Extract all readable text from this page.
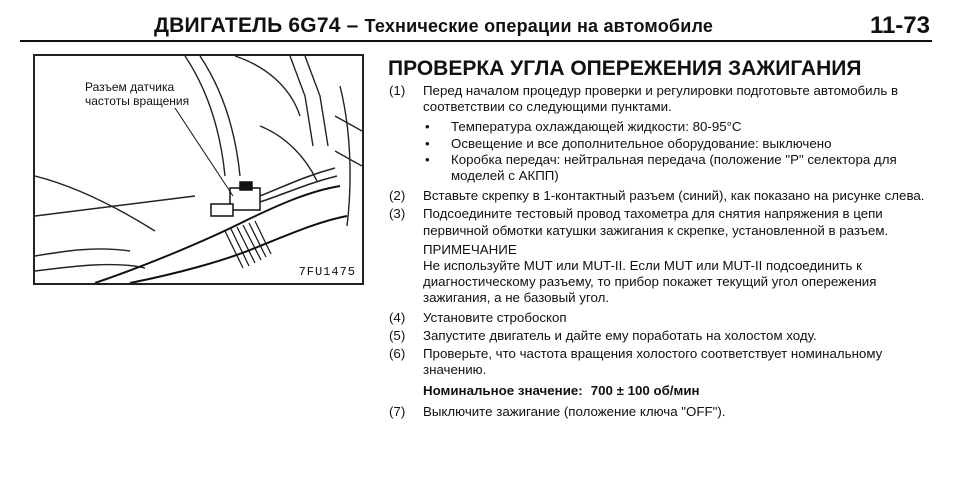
ДВИГАТЕЛЬ 6G74 – Технические операции на автомобиле	11-73
Разъем датчика
частоты вращения
7FU1475
ПРОВЕРКА УГЛА ОПЕРЕЖЕНИЯ ЗАЖИГАНИЯ
(1) Перед началом процедур проверки и регулировки подготовьте автомобиль в соответствии со следующими пунктами.
• Температура охлаждающей жидкости: 80-95°C
• Освещение и все дополнительное оборудование: выключено
• Коробка передач: нейтральная передача (положение "P" селектора для моделей с АКПП)
(2) Вставьте скрепку в 1-контактный разъем (синий), как показано на рисунке слева.
(3) Подсоедините тестовый провод тахометра для снятия напряжения в цепи первичной обмотки катушки зажигания к скрепке, установленной в разъем.
ПРИМЕЧАНИЕ
Не используйте MUT или MUT-II. Если MUT или MUT-II подсоединить к диагностическому разъему, то прибор покажет текущий угол опережения зажигания, а не базовый угол.
(4) Установите стробоскоп
(5) Запустите двигатель и дайте ему поработать на холостом ходу.
(6) Проверьте, что частота вращения холостого соответствует номинальному значению.
Номинальное значение: 700 ± 100 об/мин
(7) Выключите зажигание (положение ключа "OFF").
